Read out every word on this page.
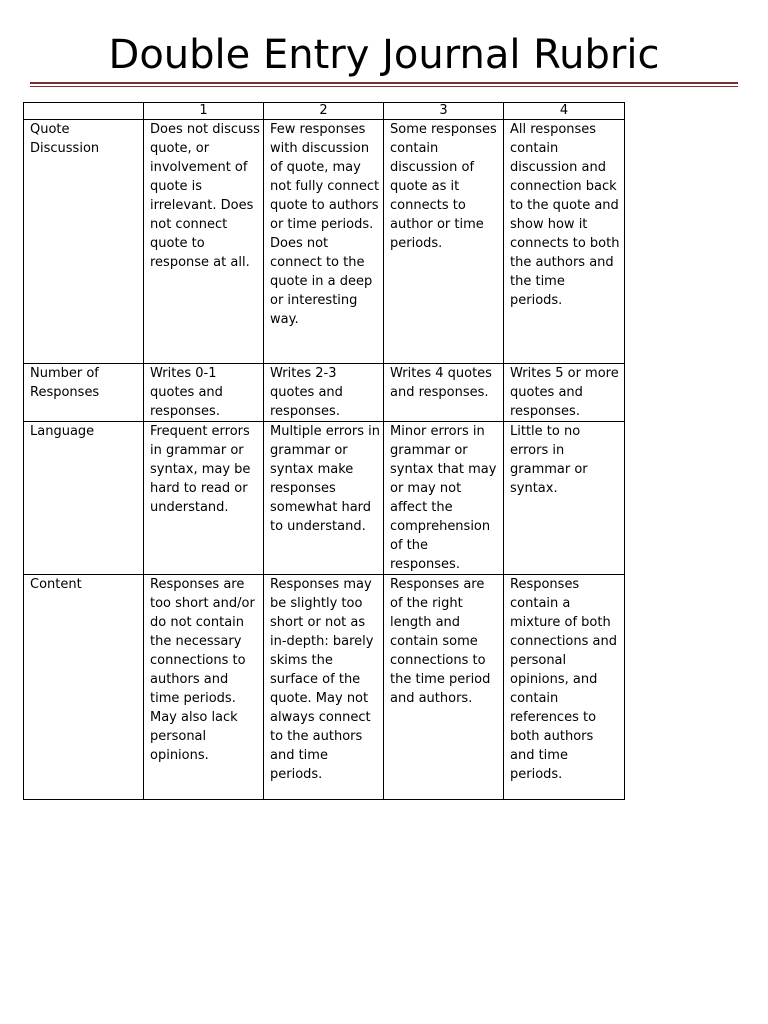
Double Entry Journal Rubric
	1	2	3	4
Quote Discussion	Does not discuss quote, or involvement of quote is irrelevant. Does not connect quote to response at all.	Few responses with discussion of quote, may not fully connect quote to authors or time periods. Does not connect to the quote in a deep or interesting way.	Some responses contain discussion of quote as it connects to author or time periods.	All responses contain discussion and connection back to the quote and show how it connects to both the authors and the time periods.
Number of Responses	Writes 0-1 quotes and responses.	Writes 2-3 quotes and responses.	Writes 4 quotes and responses.	Writes 5 or more quotes and responses.
Language	Frequent errors in grammar or syntax, may be hard to read or understand.	Multiple errors in grammar or syntax make responses somewhat hard to understand.	Minor errors in grammar or syntax that may or may not affect the comprehension of the responses.	Little to no errors in grammar or syntax.
Content	Responses are too short and/or do not contain the necessary connections to authors and time periods. May also lack personal opinions.	Responses may be slightly too short or not as in-depth: barely skims the surface of the quote. May not always connect to the authors and time periods.	Responses are of the right length and contain some connections to the time period and authors.	Responses contain a mixture of both connections and personal opinions, and contain references to both authors and time periods.
